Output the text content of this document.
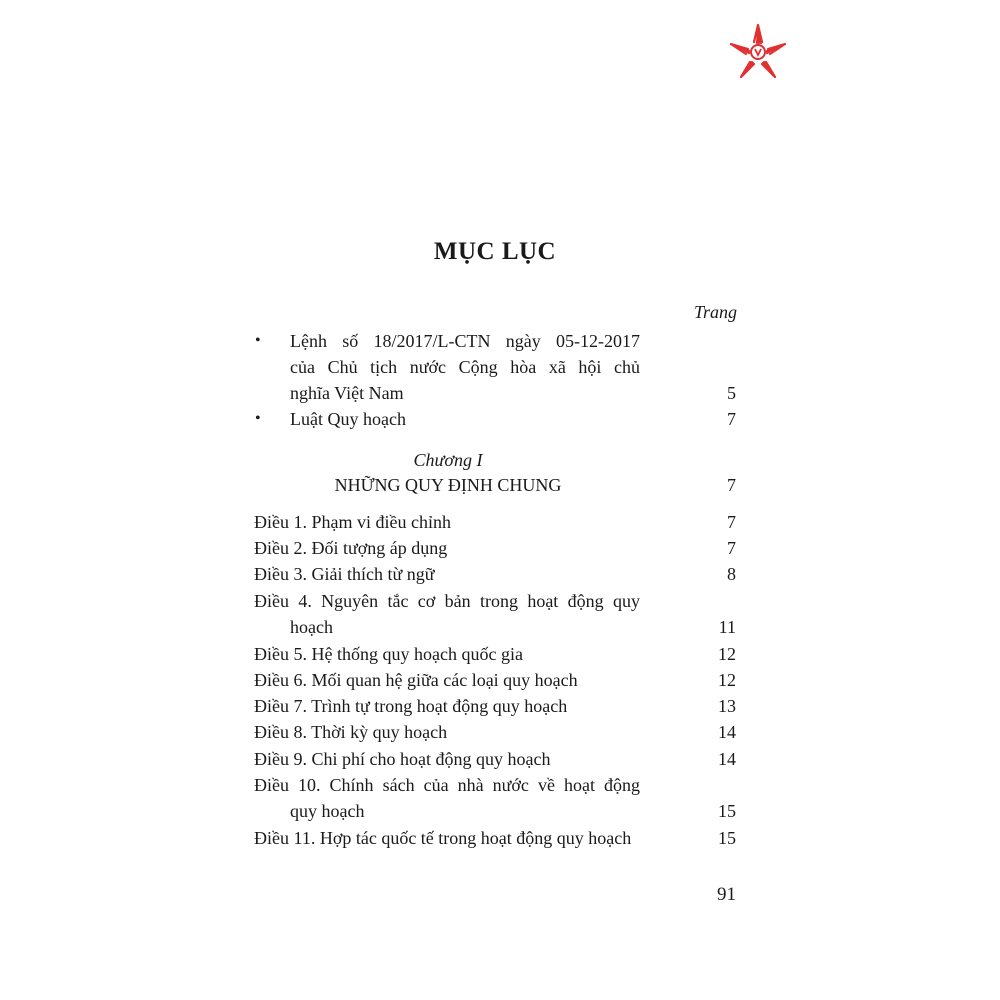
MỤC LỤC
Trang
• Lệnh số 18/2017/L-CTN ngày 05-12-2017
của Chủ tịch nước Cộng hòa xã hội chủ
nghĩa Việt Nam	5
• Luật Quy hoạch	7
Chương I
NHỮNG QUY ĐỊNH CHUNG	7
Điều 1. Phạm vi điều chỉnh	7
Điều 2. Đối tượng áp dụng	7
Điều 3. Giải thích từ ngữ	8
Điều 4. Nguyên tắc cơ bản trong hoạt động quy
hoạch	11
Điều 5. Hệ thống quy hoạch quốc gia	12
Điều 6. Mối quan hệ giữa các loại quy hoạch	12
Điều 7. Trình tự trong hoạt động quy hoạch	13
Điều 8. Thời kỳ quy hoạch	14
Điều 9. Chi phí cho hoạt động quy hoạch	14
Điều 10. Chính sách của nhà nước về hoạt động
quy hoạch	15
Điều 11. Hợp tác quốc tế trong hoạt động quy hoạch	15
91
